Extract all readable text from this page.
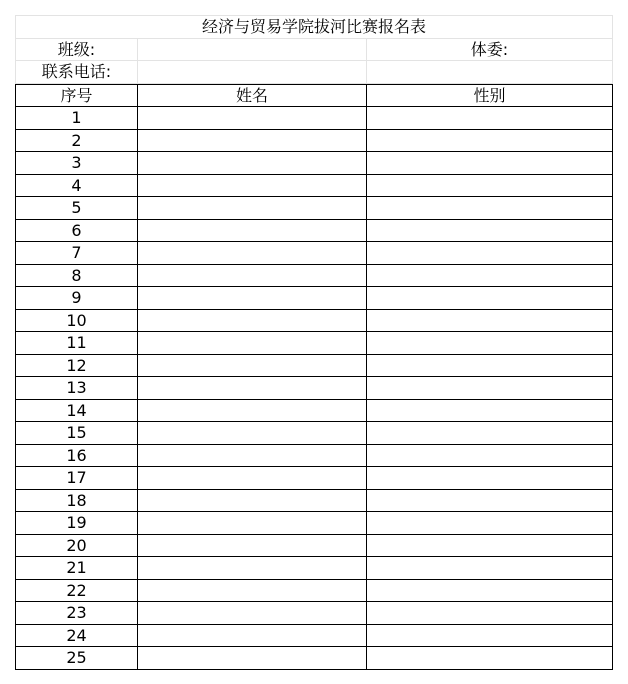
经济与贸易学院拔河比赛报名表		
班级:		体委:
联系电话:		
序号	姓名	性别
1		
2		
3		
4		
5		
6		
7		
8		
9		
10		
11		
12		
13		
14		
15		
16		
17		
18		
19		
20		
21		
22		
23		
24		
25		
